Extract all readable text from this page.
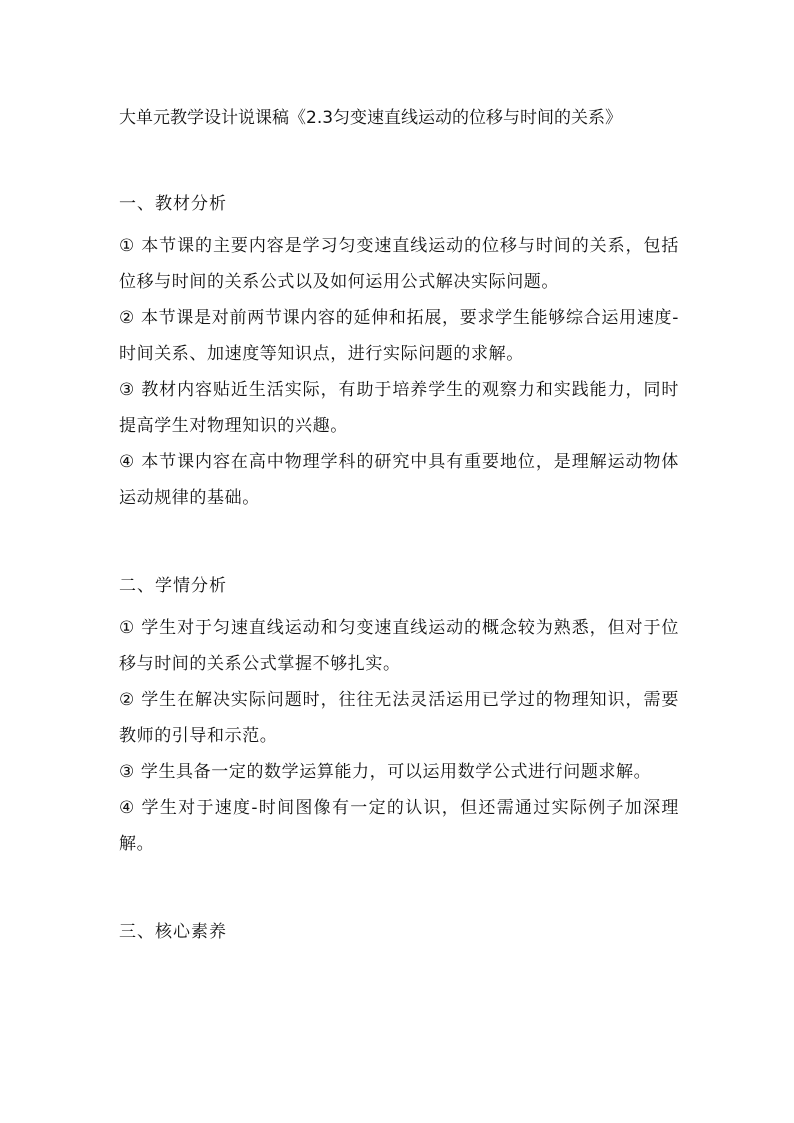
大单元教学设计说课稿《2.3匀变速直线运动的位移与时间的关系》

一、教材分析

① 本节课的主要内容是学习匀变速直线运动的位移与时间的关系，包括位移与时间的关系公式以及如何运用公式解决实际问题。

② 本节课是对前两节课内容的延伸和拓展，要求学生能够综合运用速度-时间关系、加速度等知识点，进行实际问题的求解。

③ 教材内容贴近生活实际，有助于培养学生的观察力和实践能力，同时提高学生对物理知识的兴趣。

④ 本节课内容在高中物理学科的研究中具有重要地位，是理解运动物体运动规律的基础。

二、学情分析

① 学生对于匀速直线运动和匀变速直线运动的概念较为熟悉，但对于位移与时间的关系公式掌握不够扎实。

② 学生在解决实际问题时，往往无法灵活运用已学过的物理知识，需要教师的引导和示范。

③ 学生具备一定的数学运算能力，可以运用数学公式进行问题求解。

④ 学生对于速度-时间图像有一定的认识，但还需通过实际例子加深理解。

三、核心素养
